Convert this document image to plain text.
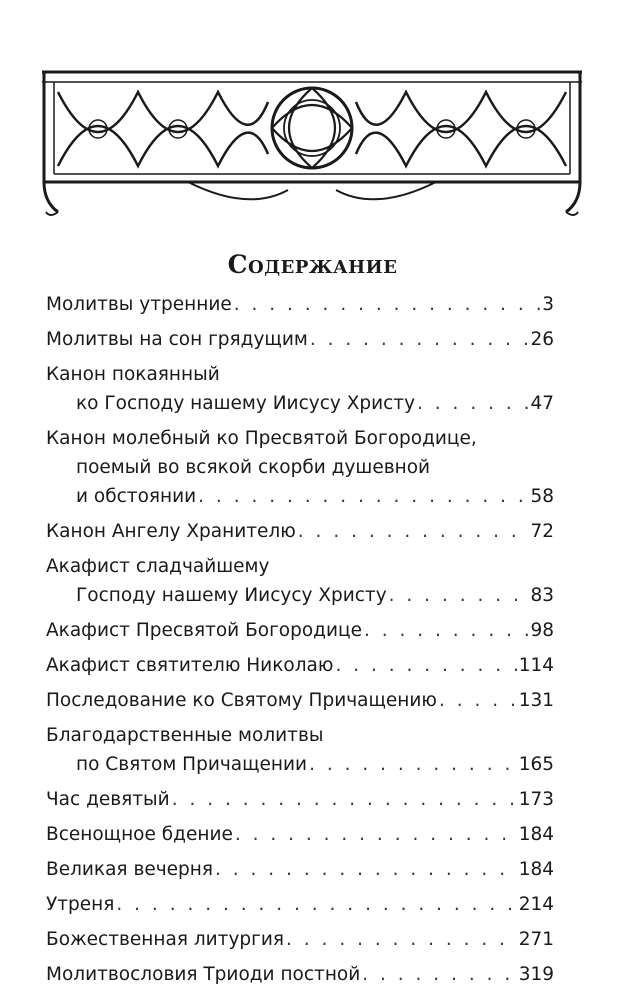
Содержание
Молитвы утренние . . .	3
Молитвы на сон грядущим . . .	26
Канон покаянный
ко Господу нашему Иисусу Христу . . .	47
Канон молебный ко Пресвятой Богородице,
поемый во всякой скорби душевной
и обстоянии . . .	58
Канон Ангелу Хранителю . . .	72
Акафист сладчайшему
Господу нашему Иисусу Христу . . .	83
Акафист Пресвятой Богородице . . .	98
Акафист святителю Николаю . . .	114
Последование ко Святому Причащению . . .	131
Благодарственные молитвы
по Святом Причащении . . .	165
Час девятый . . .	173
Всенощное бдение . . .	184
Великая вечерня . . .	184
Утреня . . .	214
Божественная литургия . . .	271
Молитвословия Триоди постной . . .	319
